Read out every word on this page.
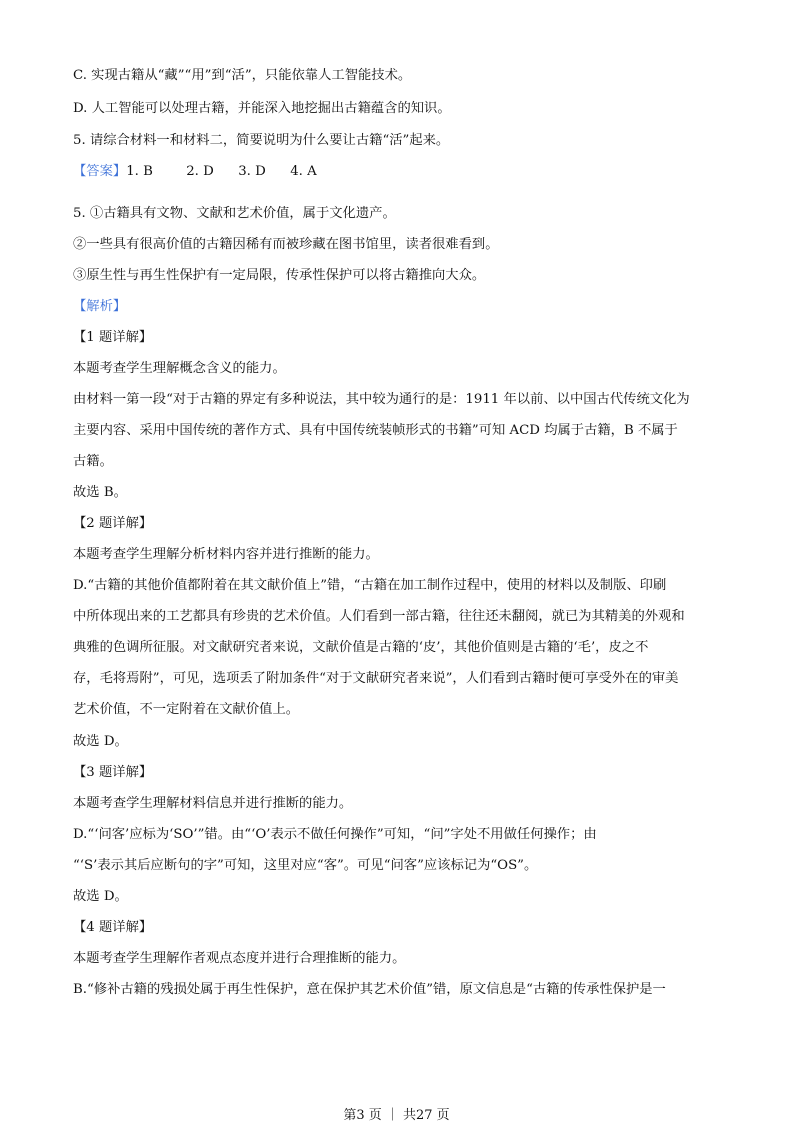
C. 实现古籍从“藏”“用”到“活”，只能依靠人工智能技术。
D. 人工智能可以处理古籍，并能深入地挖掘出古籍蕴含的知识。
5. 请综合材料一和材料二，简要说明为什么要让古籍“活”起来。
5. ①古籍具有文物、文献和艺术价值，属于文化遗产。
②一些具有很高价值的古籍因稀有而被珍藏在图书馆里，读者很难看到。
③原生性与再生性保护有一定局限，传承性保护可以将古籍推向大众。
【1 题详解】
本题考查学生理解概念含义的能力。
由材料一第一段“对于古籍的界定有多种说法，其中较为通行的是：1911 年以前、以中国古代传统文化为
主要内容、采用中国传统的著作方式、具有中国传统装帧形式的书籍”可知 ACD 均属于古籍，B 不属于
古籍。
故选 B。
【2 题详解】
本题考查学生理解分析材料内容并进行推断的能力。
D.“古籍的其他价值都附着在其文献价值上”错，“古籍在加工制作过程中，使用的材料以及制版、印刷
中所体现出来的工艺都具有珍贵的艺术价值。人们看到一部古籍，往往还未翻阅，就已为其精美的外观和
典雅的色调所征服。对文献研究者来说，文献价值是古籍的‘皮’，其他价值则是古籍的‘毛’，皮之不
存，毛将焉附”，可见，选项丢了附加条件“对于文献研究者来说”，人们看到古籍时便可享受外在的审美
艺术价值，不一定附着在文献价值上。
故选 D。
【3 题详解】
本题考查学生理解材料信息并进行推断的能力。
D.“‘问客’应标为‘SO’”错。由“‘O’表示不做任何操作”可知，“问”字处不用做任何操作；由
“‘S’表示其后应断句的字”可知，这里对应“客”。可见“问客”应该标记为“OS”。
故选 D。
【4 题详解】
本题考查学生理解作者观点态度并进行合理推断的能力。
B.“修补古籍的残损处属于再生性保护，意在保护其艺术价值”错，原文信息是“古籍的传承性保护是一
【答案】1. B	2. D 3. D 4. A
【解析】
第3 页 ｜ 共27 页
